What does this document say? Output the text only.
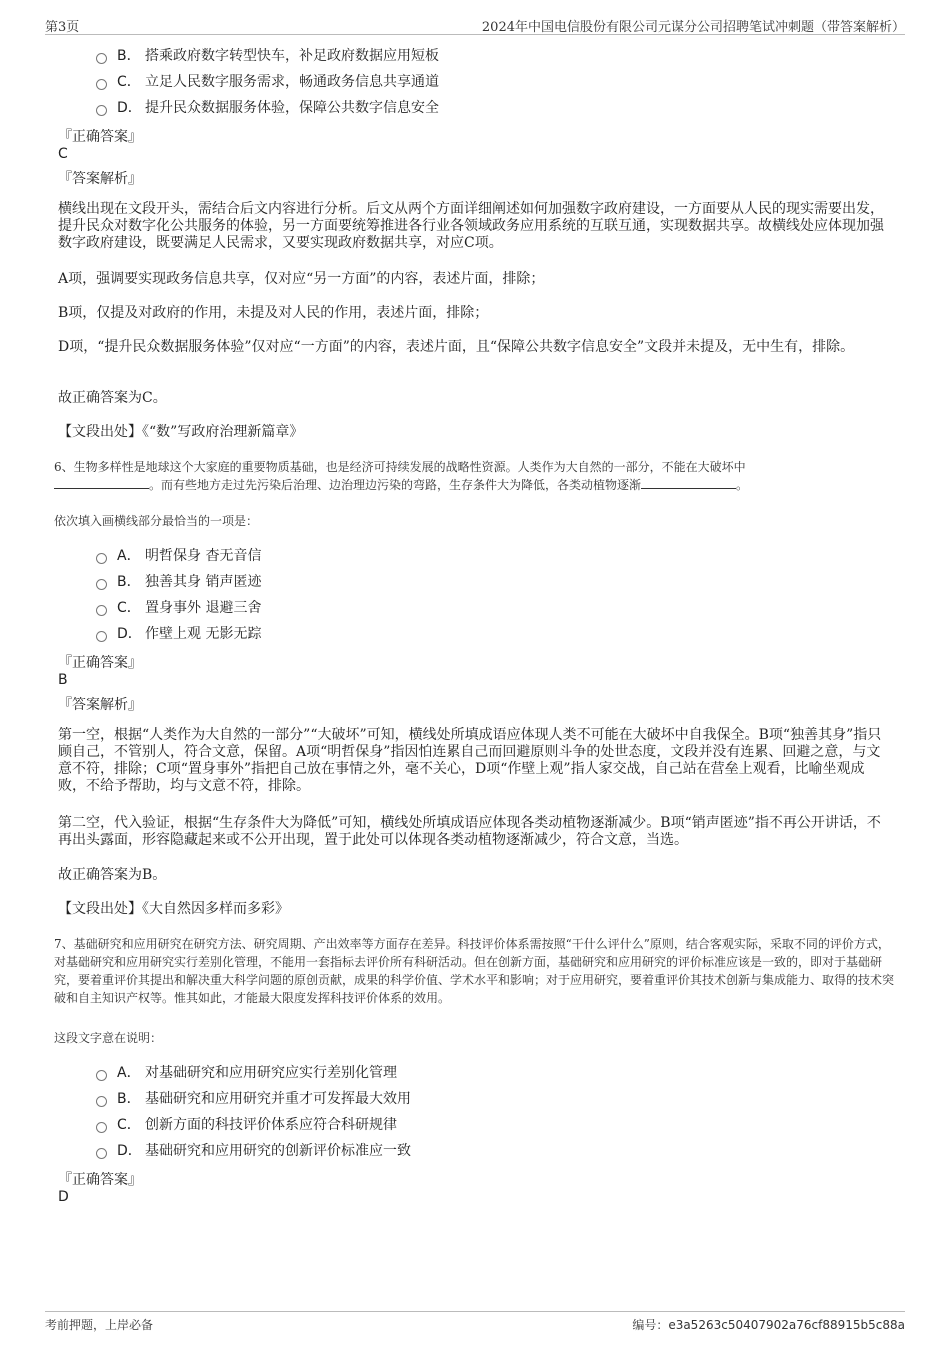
第3页	2024年中国电信股份有限公司元谋分公司招聘笔试冲刺题（带答案解析）
B． 搭乘政府数字转型快车，补足政府数据应用短板
C． 立足人民数字服务需求，畅通政务信息共享通道
D． 提升民众数据服务体验，保障公共数字信息安全
『正确答案』
C
『答案解析』
横线出现在文段开头，需结合后文内容进行分析。后文从两个方面详细阐述如何加强数字政府建设，一方面要从人民的现实需要出发，提升民众对数字化公共服务的体验，另一方面要统筹推进各行业各领域政务应用系统的互联互通，实现数据共享。故横线处应体现加强数字政府建设，既要满足人民需求，又要实现政府数据共享，对应C项。
A项，强调要实现政务信息共享，仅对应“另一方面”的内容，表述片面，排除；
B项，仅提及对政府的作用，未提及对人民的作用，表述片面，排除；
D项，“提升民众数据服务体验”仅对应“一方面”的内容，表述片面，且“保障公共数字信息安全”文段并未提及，无中生有，排除。
故正确答案为C。
【文段出处】《“数”写政府治理新篇章》
6、生物多样性是地球这个大家庭的重要物质基础，也是经济可持续发展的战略性资源。人类作为大自然的一部分，不能在大破坏中
。而有些地方走过先污染后治理、边治理边污染的弯路，生存条件大为降低，各类动植物逐渐	。
依次填入画横线部分最恰当的一项是：
A． 明哲保身 杳无音信
B． 独善其身 销声匿迹
C． 置身事外 退避三舍
D． 作壁上观 无影无踪
『正确答案』
B
『答案解析』
第一空，根据“人类作为大自然的一部分”“大破坏”可知，横线处所填成语应体现人类不可能在大破坏中自我保全。B项“独善其身”指只顾自己，不管别人，符合文意，保留。A项“明哲保身”指因怕连累自己而回避原则斗争的处世态度，文段并没有连累、回避之意，与文意不符，排除；C项“置身事外”指把自己放在事情之外，毫不关心，D项“作壁上观”指人家交战，自己站在营垒上观看，比喻坐观成败，不给予帮助，均与文意不符，排除。
第二空，代入验证，根据“生存条件大为降低”可知，横线处所填成语应体现各类动植物逐渐减少。B项“销声匿迹”指不再公开讲话，不再出头露面，形容隐藏起来或不公开出现，置于此处可以体现各类动植物逐渐减少，符合文意，当选。
故正确答案为B。
【文段出处】《大自然因多样而多彩》
7、基础研究和应用研究在研究方法、研究周期、产出效率等方面存在差异。科技评价体系需按照“干什么评什么”原则，结合客观实际，采取不同的评价方式，对基础研究和应用研究实行差别化管理，不能用一套指标去评价所有科研活动。但在创新方面，基础研究和应用研究的评价标准应该是一致的，即对于基础研究，要着重评价其提出和解决重大科学问题的原创贡献，成果的科学价值、学术水平和影响；对于应用研究，要着重评价其技术创新与集成能力、取得的技术突破和自主知识产权等。惟其如此，才能最大限度发挥科技评价体系的效用。
这段文字意在说明：
A． 对基础研究和应用研究应实行差别化管理
B． 基础研究和应用研究并重才可发挥最大效用
C． 创新方面的科技评价体系应符合科研规律
D． 基础研究和应用研究的创新评价标准应一致
『正确答案』
D
考前押题，上岸必备	编号：e3a5263c50407902a76cf88915b5c88a
